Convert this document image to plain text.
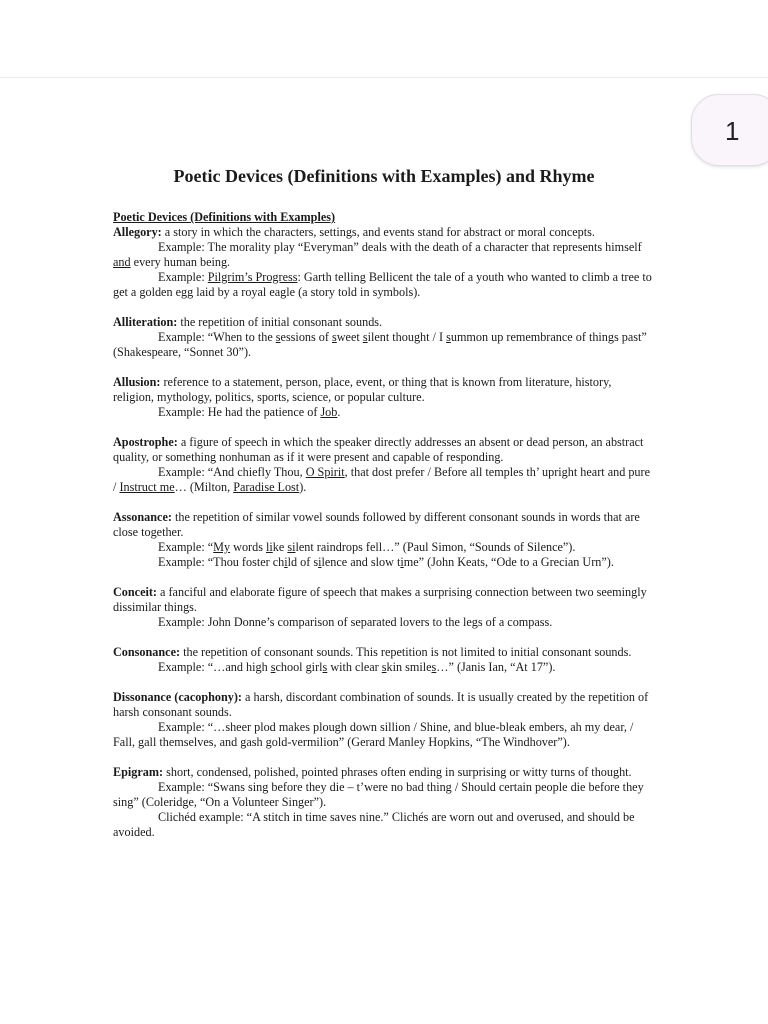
1
Poetic Devices (Definitions with Examples) and Rhyme

Poetic Devices (Definitions with Examples)

Allegory: a story in which the characters, settings, and events stand for abstract or moral concepts.

Example: The morality play “Everyman” deals with the death of a character that represents himself and every human being.

Example: Pilgrim’s Progress: Garth telling Bellicent the tale of a youth who wanted to climb a tree to get a golden egg laid by a royal eagle (a story told in symbols).

Alliteration: the repetition of initial consonant sounds.

Example: “When to the sessions of sweet silent thought / I summon up remembrance of things past” (Shakespeare, “Sonnet 30”).

Allusion: reference to a statement, person, place, event, or thing that is known from literature, history, religion, mythology, politics, sports, science, or popular culture.

Example: He had the patience of Job.

Apostrophe: a figure of speech in which the speaker directly addresses an absent or dead person, an abstract quality, or something nonhuman as if it were present and capable of responding.

Example: “And chiefly Thou, O Spirit, that dost prefer / Before all temples th’ upright heart and pure / Instruct me… (Milton, Paradise Lost).

Assonance: the repetition of similar vowel sounds followed by different consonant sounds in words that are close together.

Example: “My words like silent raindrops fell…” (Paul Simon, “Sounds of Silence”).

Example: “Thou foster child of silence and slow time” (John Keats, “Ode to a Grecian Urn”).

Conceit: a fanciful and elaborate figure of speech that makes a surprising connection between two seemingly dissimilar things.

Example: John Donne’s comparison of separated lovers to the legs of a compass.

Consonance: the repetition of consonant sounds. This repetition is not limited to initial consonant sounds.

Example: “…and high school girls with clear skin smiles…” (Janis Ian, “At 17”).

Dissonance (cacophony): a harsh, discordant combination of sounds. It is usually created by the repetition of harsh consonant sounds.

Example: “…sheer plod makes plough down sillion / Shine, and blue-bleak embers, ah my dear, / Fall, gall themselves, and gash gold-vermilion” (Gerard Manley Hopkins, “The Windhover”).

Epigram: short, condensed, polished, pointed phrases often ending in surprising or witty turns of thought.

Example: “Swans sing before they die – t’were no bad thing / Should certain people die before they sing” (Coleridge, “On a Volunteer Singer”).

Clichéd example: “A stitch in time saves nine.” Clichés are worn out and overused, and should be avoided.
